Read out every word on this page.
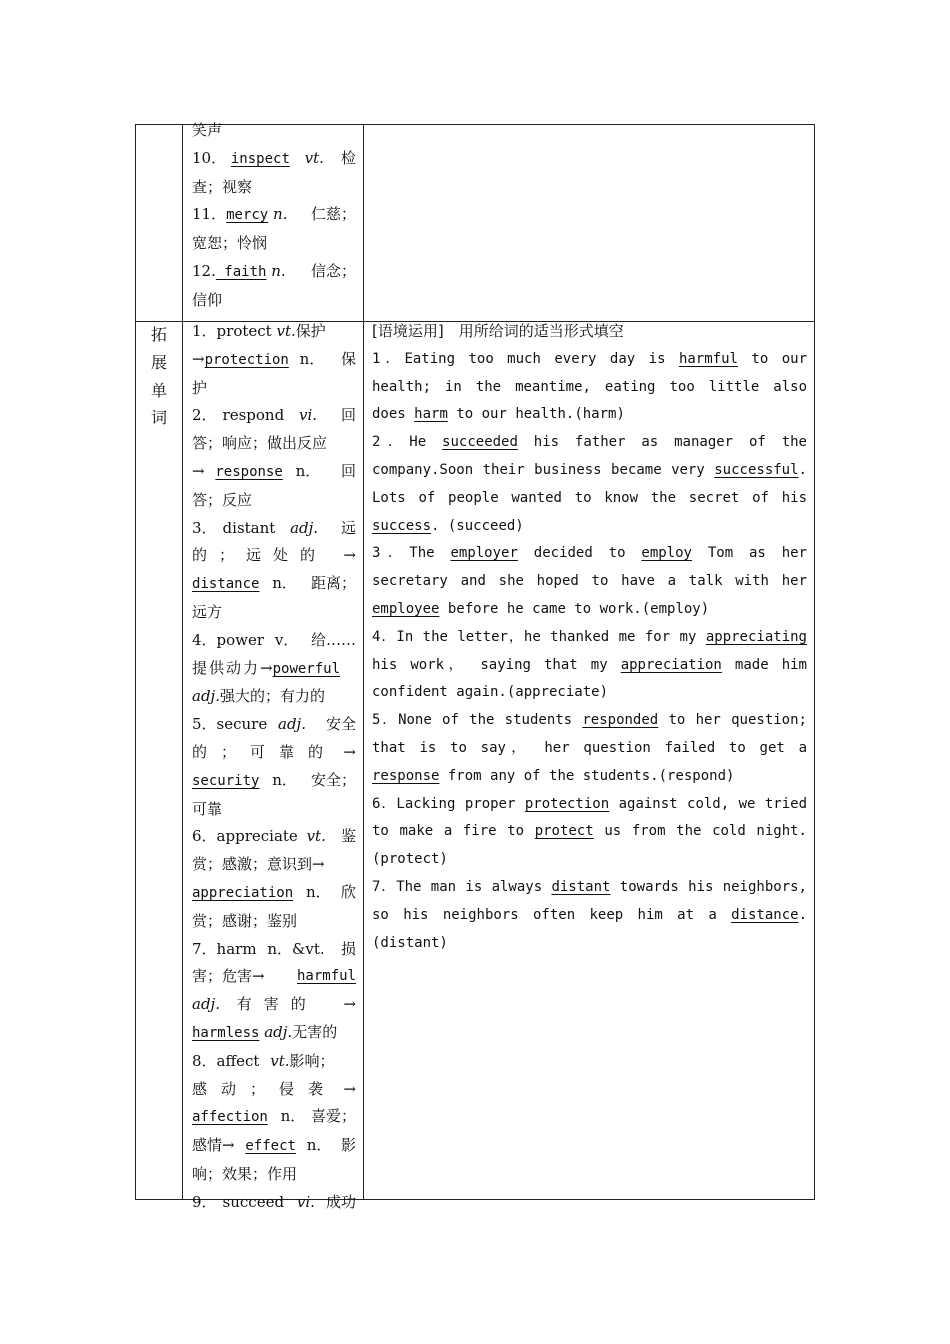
笑声
10． inspect vt. 检
查；视察
11．mercy n. 仁慈；
宽恕；怜悯
12. faith n. 信念；
信仰
拓
展
单
词
1．protect vt.保护
→protection n． 保
护
2． respond vi. 回
答；响应；做出反应
→ response n． 回
答；反应
3． distant adj. 远
的；远处的 →
distance n． 距离；
远方
4．power v． 给……
提供动力→powerful
adj.强大的；有力的
5．secure adj. 安全
的；可靠的 →
security n． 安全；
可靠
6．appreciate vt. 鉴
赏；感激；意识到→
appreciation n． 欣
赏；感谢；鉴别
7．harm n．&vt. 损
害；危害→ harmful
adj. 有害的 →
harmless adj.无害的
8．affect vt.影响；
感动；侵袭 →
affection n． 喜爱；
感情→ effect n． 影
响；效果；作用
9． succeed vi. 成功
[语境运用]　用所给词的适当形式填空
1．Eating too much every day is harmful to our health; in the meantime, eating too little also does harm to our health.(harm)
2．He succeeded his father as manager of the company.Soon their business became very successful. Lots of people wanted to know the secret of his success. (succeed)
3．The employer decided to employ Tom as her secretary and she hoped to have a talk with her employee before he came to work.(employ)
4．In the letter，he thanked me for my appreciating his work， saying that my appreciation made him confident again.(appreciate)
5．None of the students responded to her question; that is to say， her question failed to get a response from any of the students.(respond)
6．Lacking proper protection against cold, we tried to make a fire to protect us from the cold night.(protect)
7．The man is always distant towards his neighbors, so his neighbors often keep him at a distance.(distant)
